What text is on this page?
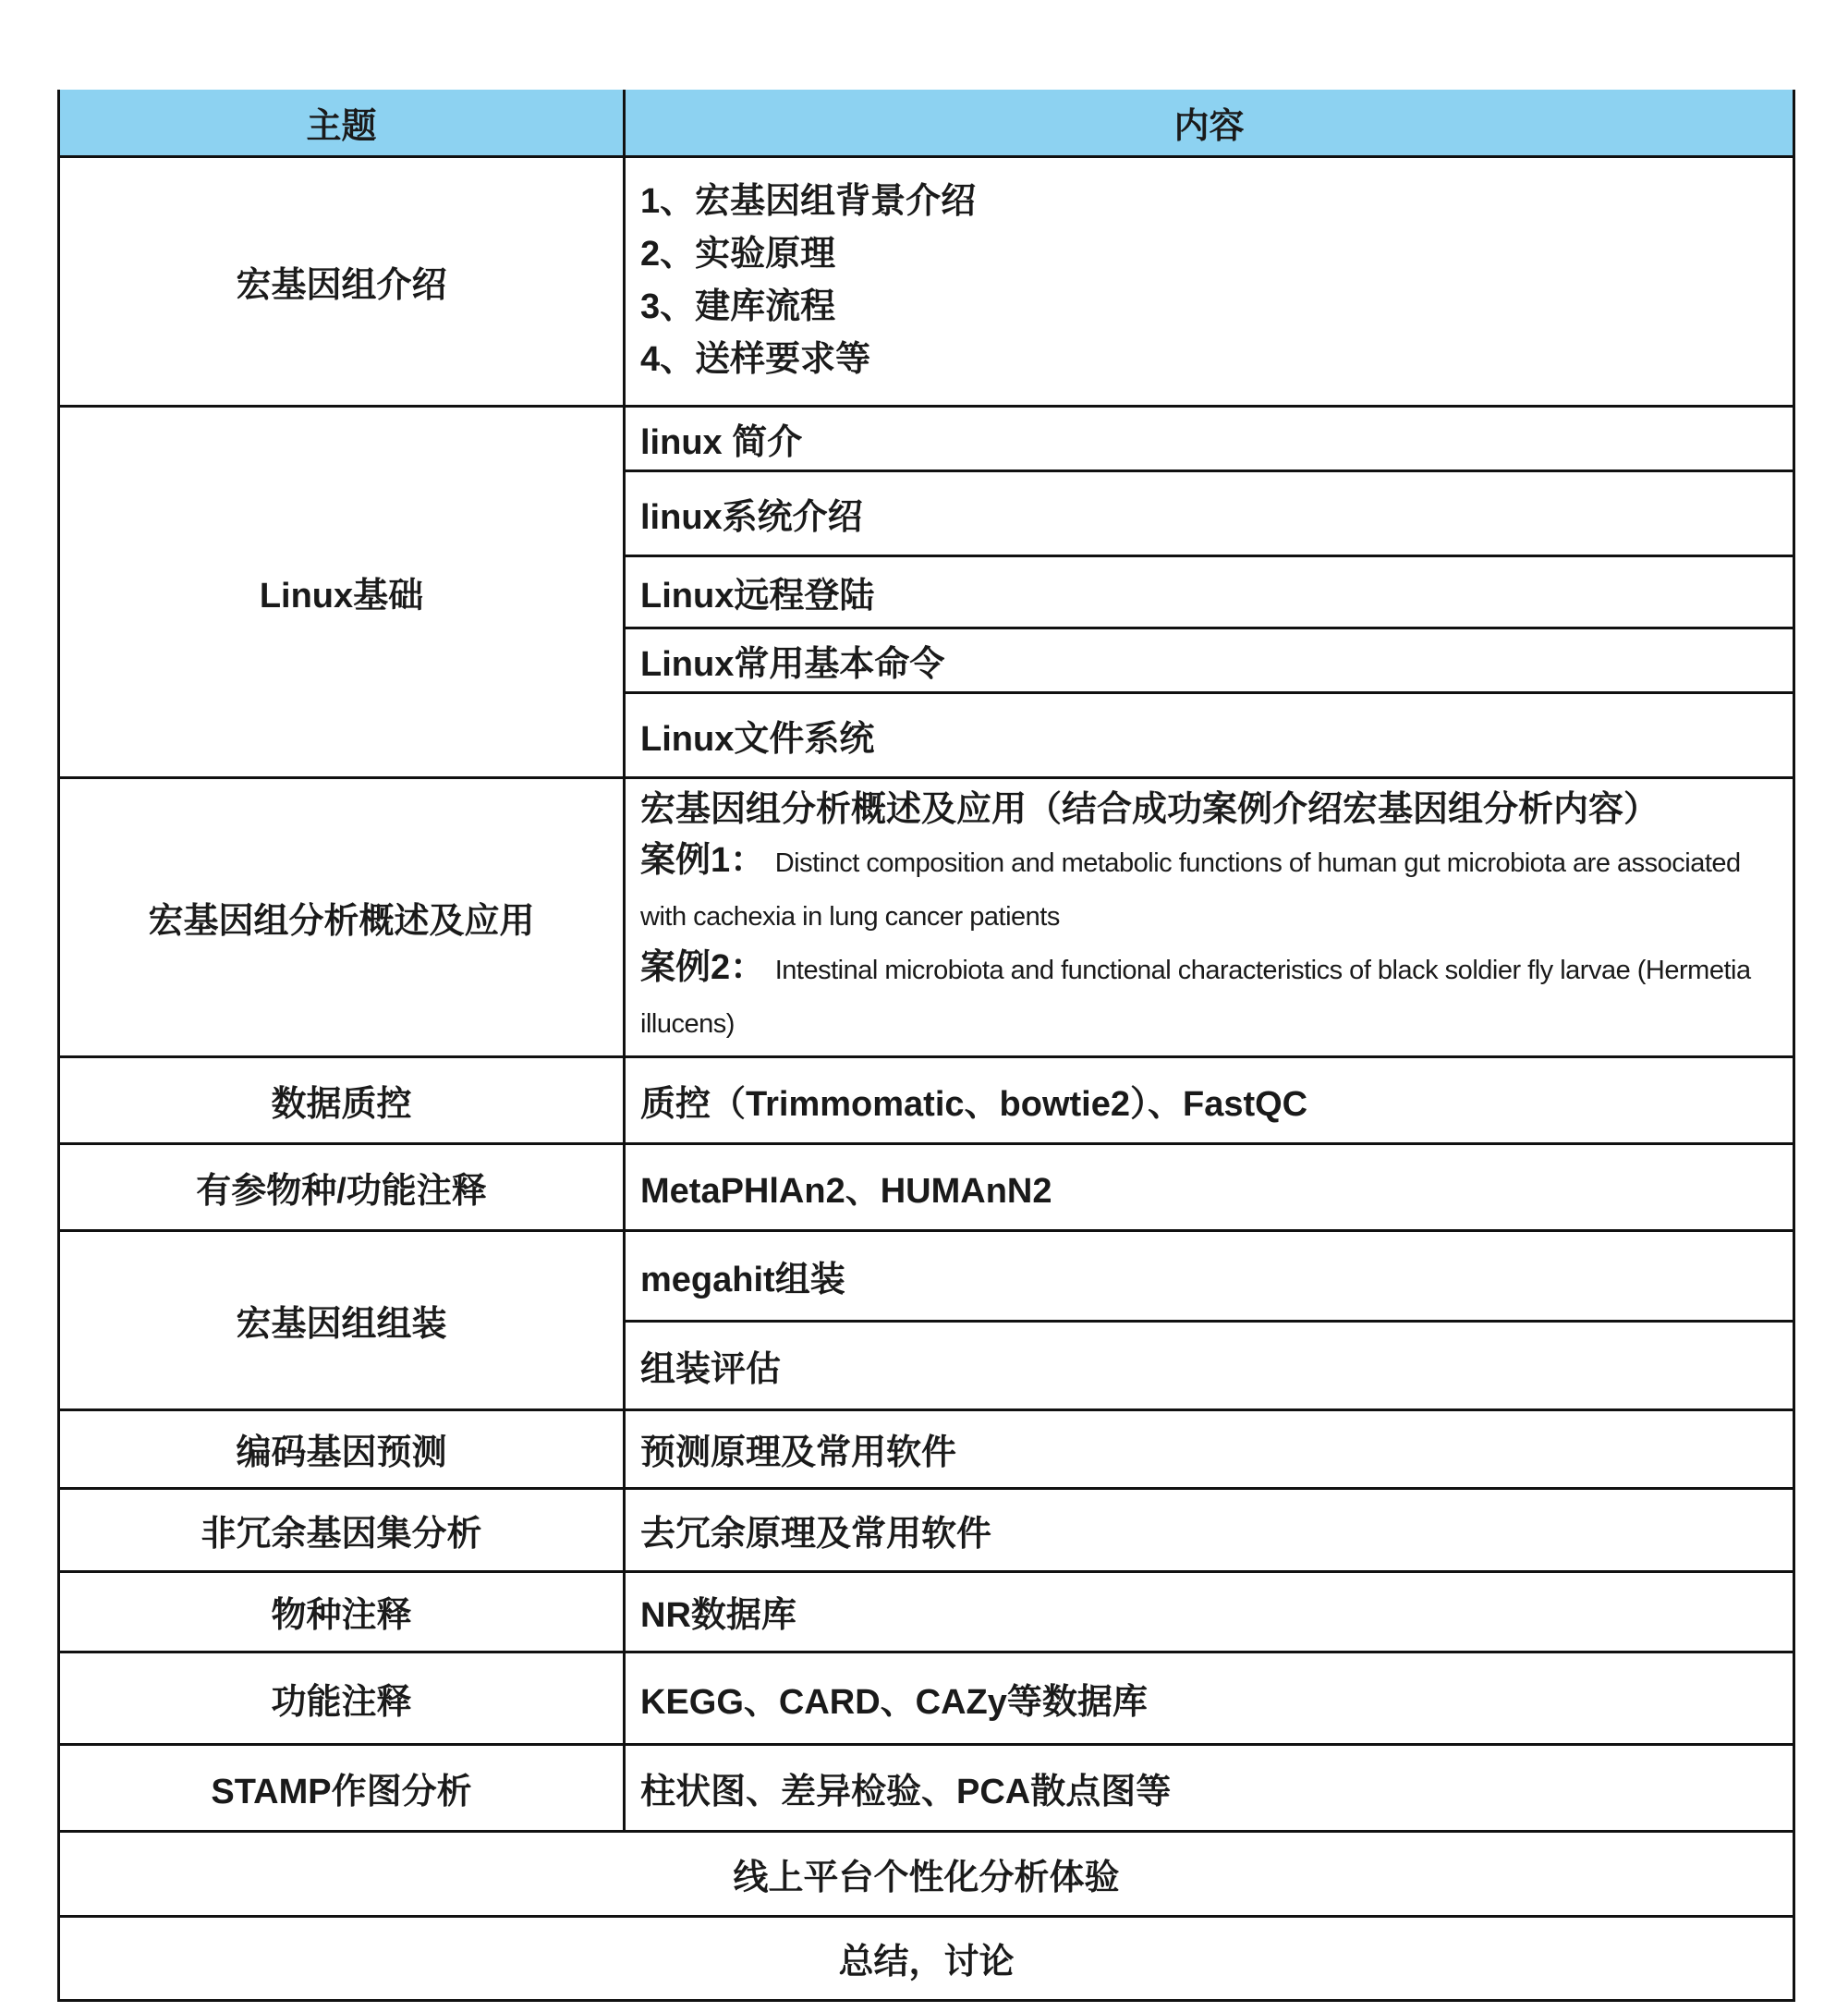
主题	内容
宏基因组介绍	1、宏基因组背景介绍
2、实验原理
3、建库流程
4、送样要求等

Linux基础	linux 简介
	linux系统介绍
	Linux远程登陆
	Linux常用基本命令
	Linux文件系统
宏基因组分析概述及应用	宏基因组分析概述及应用（结合成功案例介绍宏基因组分析内容）
案例1： Distinct composition and metabolic functions of human gut microbiota are associated with cachexia in lung cancer patients
案例2： Intestinal microbiota and functional characteristics of black soldier fly larvae (Hermetia illucens)

数据质控	质控（Trimmomatic、bowtie2）、FastQC
有参物种/功能注释	MetaPHlAn2、HUMAnN2
宏基因组组装	megahit组装
	组装评估
编码基因预测	预测原理及常用软件
非冗余基因集分析	去冗余原理及常用软件
物种注释	NR数据库
功能注释	KEGG、CARD、CAZy等数据库
STAMP作图分析	柱状图、差异检验、PCA散点图等
线上平台个性化分析体验	
总结，讨论	
